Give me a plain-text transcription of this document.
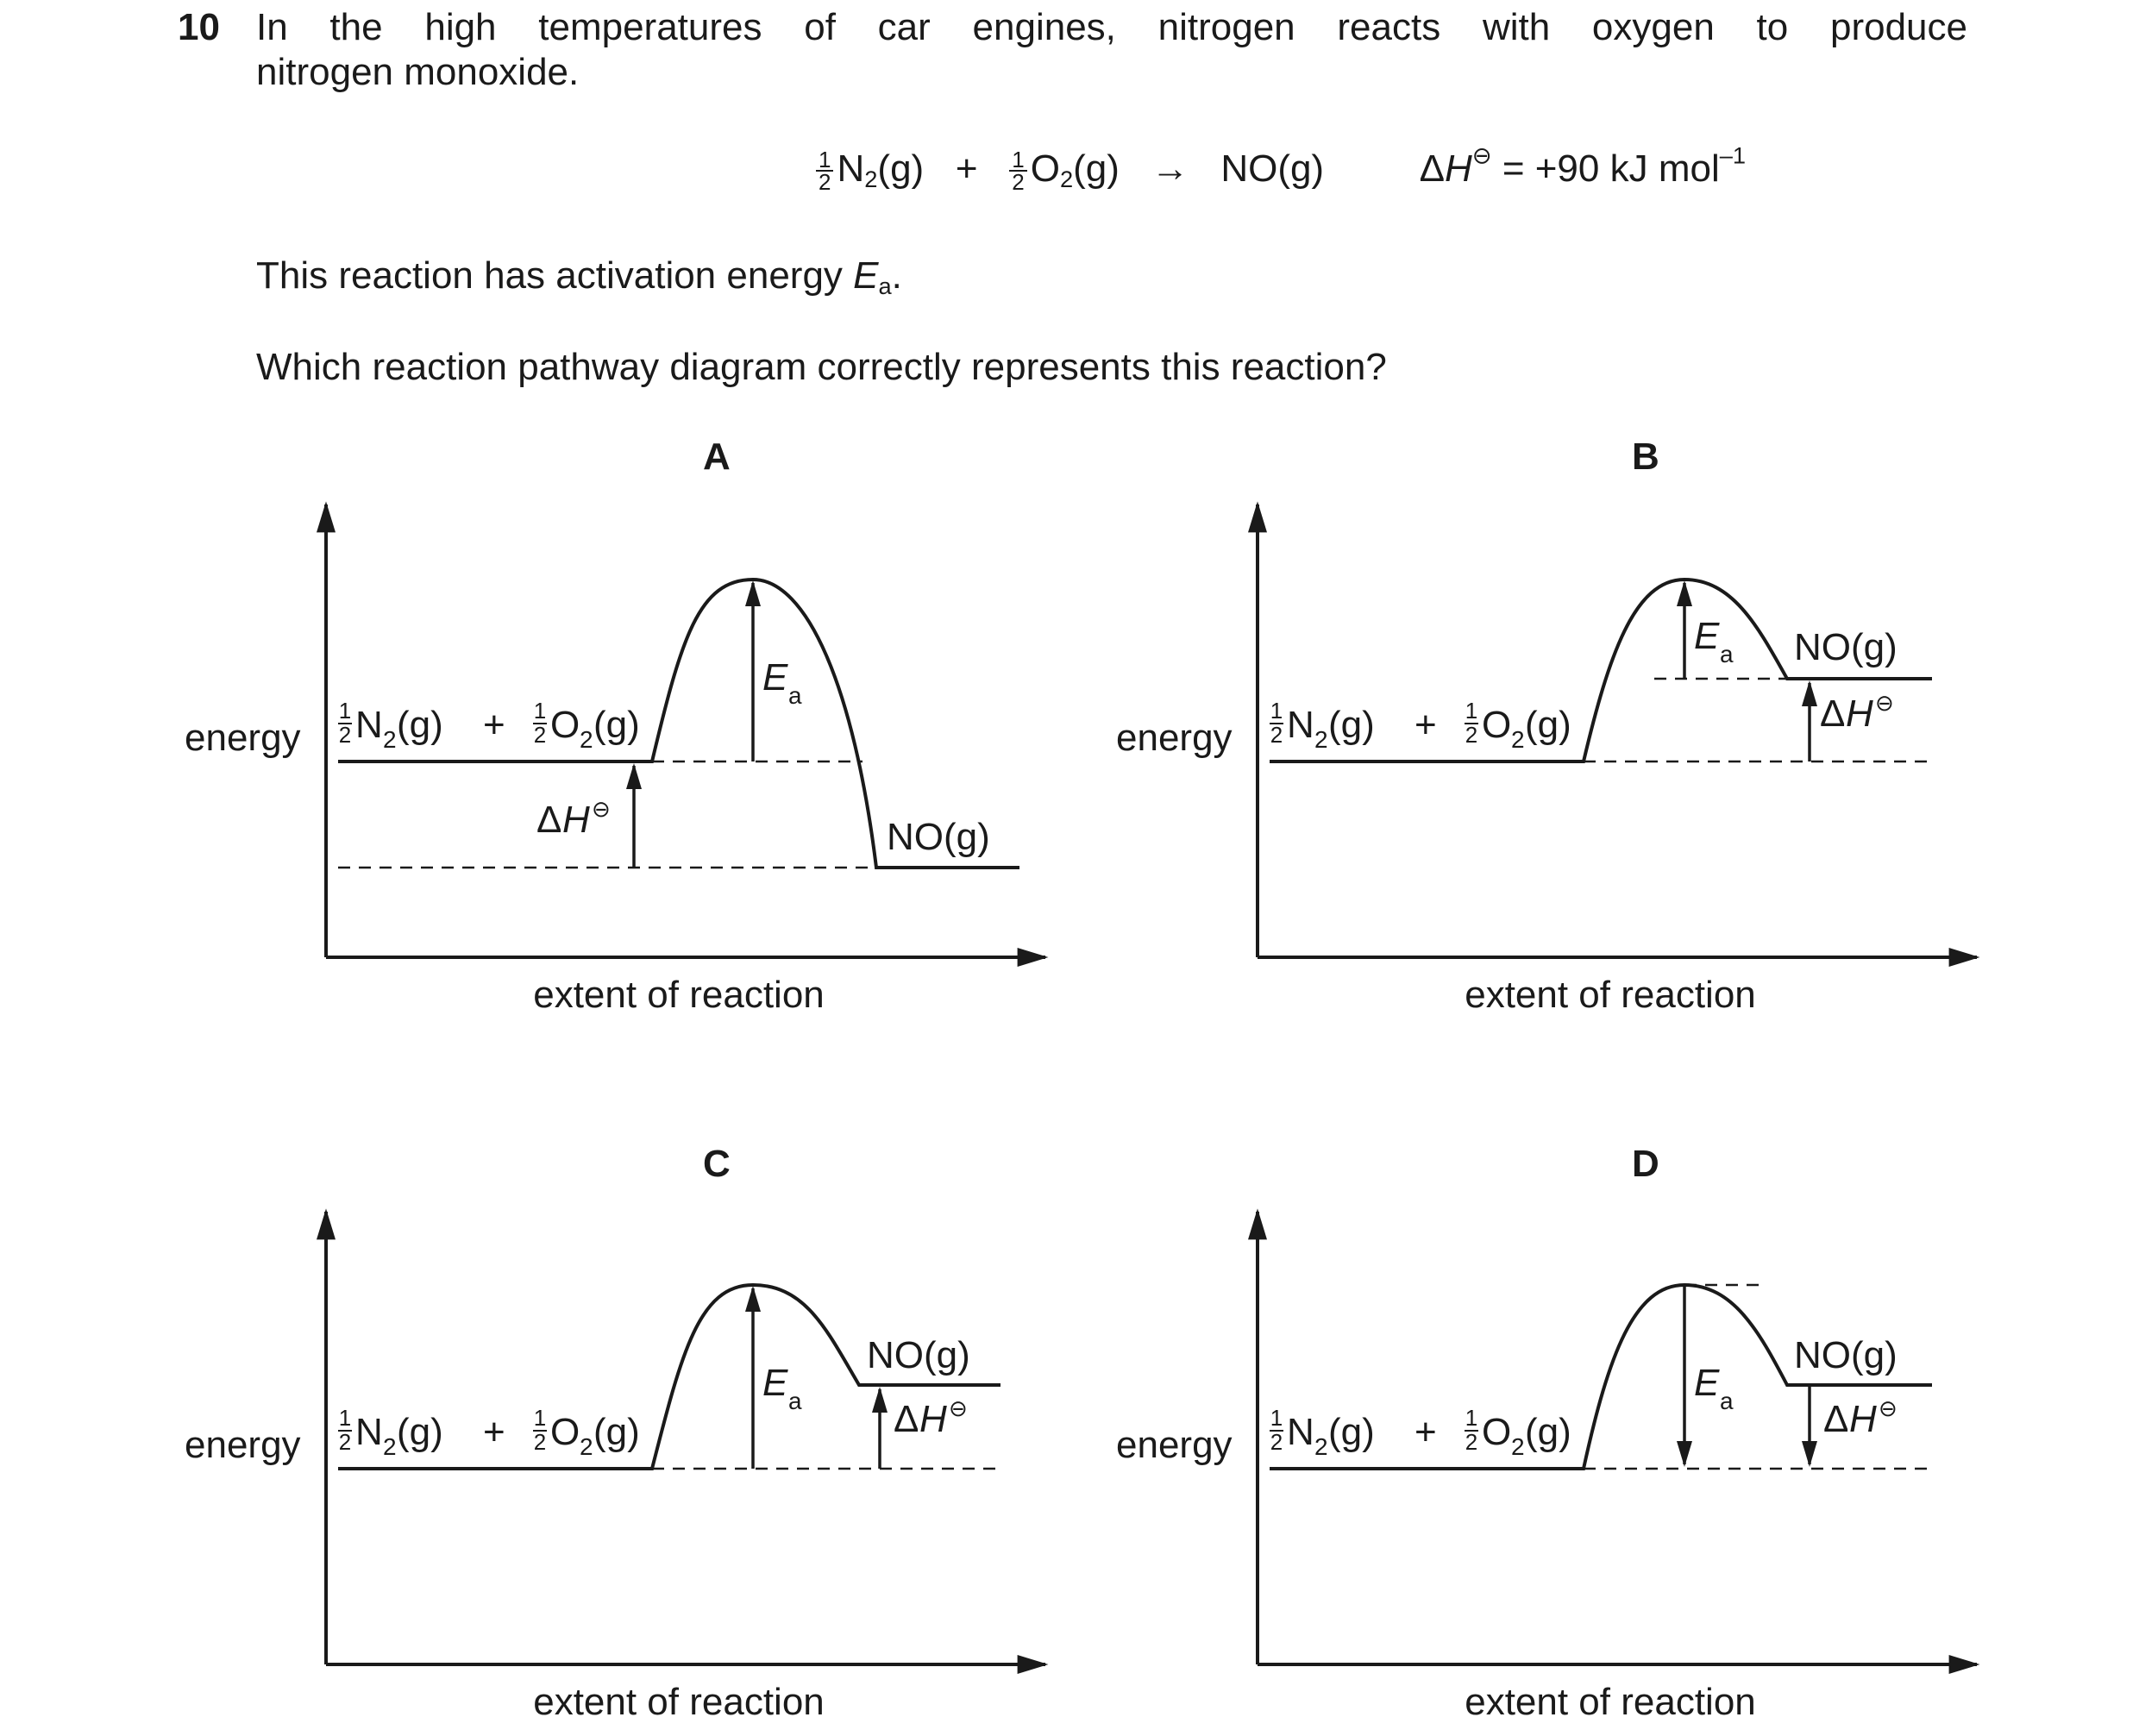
10 In the high temperatures of car engines, nitrogen reacts with oxygen to produce
nitrogen monoxide.
$\frac{1}{2} N_2(g) + \frac{1}{2} O_2(g) \to NO(g)$	ΔH⊖ = +90 kJ mol$^{-1}$
This reaction has activation energy $E_a$.
Which reaction pathway diagram correctly represents this reaction?
A	B
C	D
energy
extent of reaction
1
2 N 2 (g) + 1
2 O 2 (g)	energy
extent of reaction
1
2 N 2 (g) + 1
2 O 2 (g)
energy
extent of reaction
1
2 N 2 (g) + 1
2 O 2 (g)	energy
extent of reaction
1
2 N 2 (g) + 1
2 O 2 (g)
E a
Δ H ⊖
NO(g)
E a
Δ H ⊖
NO(g)
E a Δ H ⊖
NO(g)
E a Δ H ⊖
NO(g)
